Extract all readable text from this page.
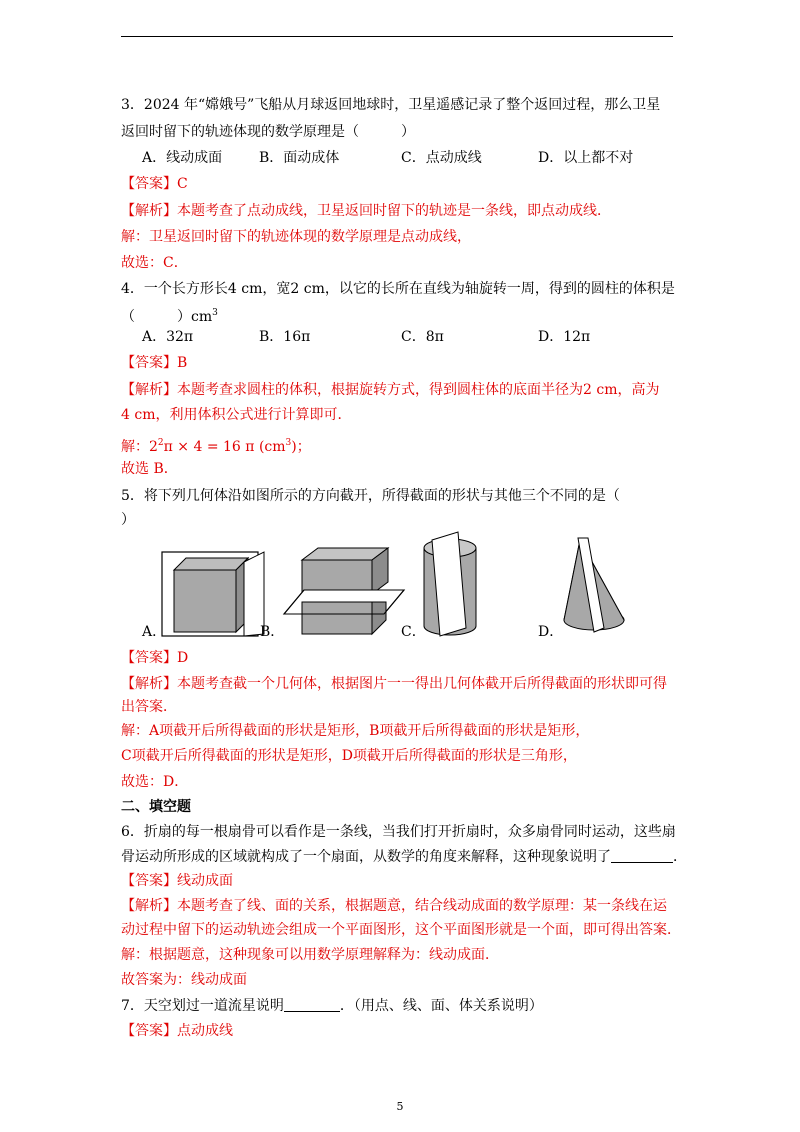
3．2024 年“嫦娥号”飞船从月球返回地球时，卫星遥感记录了整个返回过程，那么卫星
返回时留下的轨迹体现的数学原理是（　　　）
A．线动成面	B．面动成体	C．点动成线	D．以上都不对
【答案】C
【解析】本题考查了点动成线，卫星返回时留下的轨迹是一条线，即点动成线．
解：卫星返回时留下的轨迹体现的数学原理是点动成线，
故选：C．
4．一个长方形长4 cm，宽2 cm，以它的长所在直线为轴旋转一周，得到的圆柱的体积是
（　　　）$cm^3$
A．32π	B．16π	C．8π	D．12π
【答案】B
【解析】本题考查求圆柱的体积，根据旋转方式，得到圆柱体的底面半径为2 cm，高为
4 cm，利用体积公式进行计算即可．
解：$2^2\pi \times 4 = 16$ π $(cm^3)$；
故选 B．
5．将下列几何体沿如图所示的方向截开，所得截面的形状与其他三个不同的是（
）
A．	B．	C．	D．
【答案】D
【解析】本题考查截一个几何体，根据图片一一得出几何体截开后所得截面的形状即可得
出答案．
解：A项截开后所得截面的形状是矩形，B项截开后所得截面的形状是矩形，
C项截开后所得截面的形状是矩形，D项截开后所得截面的形状是三角形，
故选：D．
二、填空题
6．折扇的每一根扇骨可以看作是一条线，当我们打开折扇时，众多扇骨同时运动，这些扇
骨运动所形成的区域就构成了一个扇面，从数学的角度来解释，这种现象说明了	．
【答案】线动成面
【解析】本题考查了线、面的关系，根据题意，结合线动成面的数学原理：某一条线在运
动过程中留下的运动轨迹会组成一个平面图形，这个平面图形就是一个面，即可得出答案．
解：根据题意，这种现象可以用数学原理解释为：线动成面．
故答案为：线动成面
7．天空划过一道流星说明	．（用点、线、面、体关系说明）
【答案】点动成线
5
